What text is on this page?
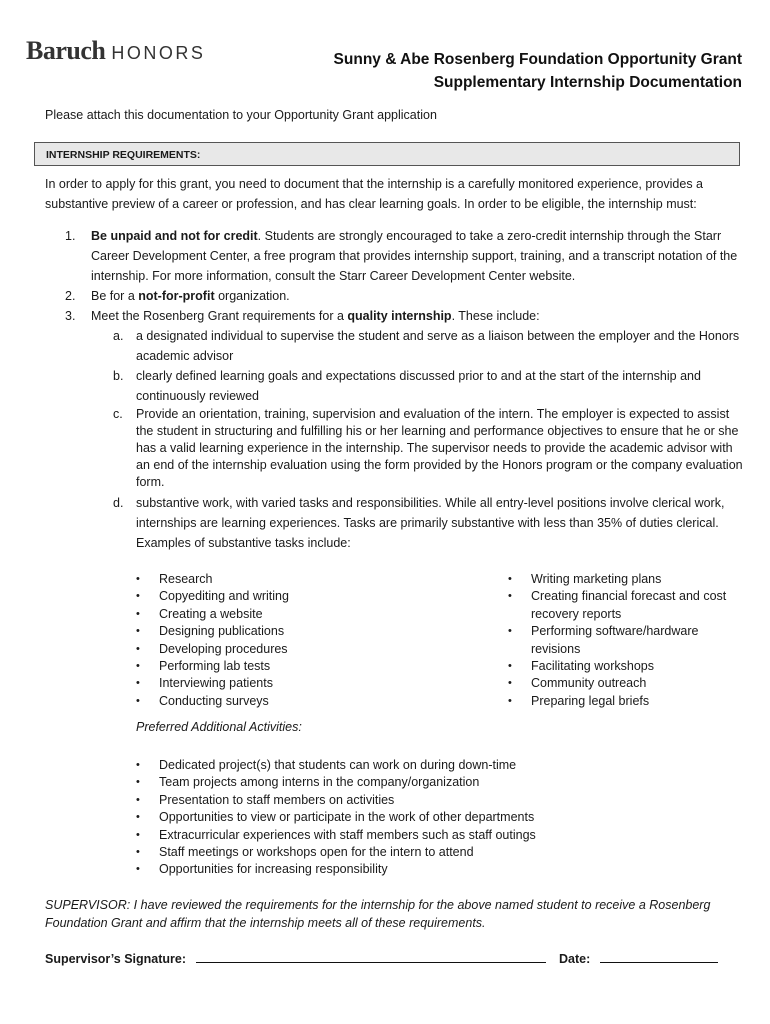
Baruch HONORS	Sunny & Abe Rosenberg Foundation Opportunity Grant
Supplementary Internship Documentation
Please attach this documentation to your Opportunity Grant application
INTERNSHIP REQUIREMENTS:
In order to apply for this grant, you need to document that the internship is a carefully monitored experience, provides a substantive preview of a career or profession, and has clear learning goals. In order to be eligible, the internship must:
1.	Be unpaid and not for credit. Students are strongly encouraged to take a zero-credit internship through the Starr Career Development Center, a free program that provides internship support, training, and a transcript notation of the internship. For more information, consult the Starr Career Development Center website.
2.	Be for a not-for-profit organization.
3.	Meet the Rosenberg Grant requirements for a quality internship. These include:
a.	a designated individual to supervise the student and serve as a liaison between the employer and the Honors academic advisor
b.	clearly defined learning goals and expectations discussed prior to and at the start of the internship and continuously reviewed
c.	Provide an orientation, training, supervision and evaluation of the intern. The employer is expected to assist the student in structuring and fulfilling his or her learning and performance objectives to ensure that he or she has a valid learning experience in the internship. The supervisor needs to provide the academic advisor with an end of the internship evaluation using the form provided by the Honors program or the company evaluation form.
d.	substantive work, with varied tasks and responsibilities. While all entry-level positions involve clerical work, internships are learning experiences. Tasks are primarily substantive with less than 35% of duties clerical. Examples of substantive tasks include:
• Research
• Copyediting and writing
• Creating a website
• Designing publications
• Developing procedures
• Performing lab tests
• Interviewing patients
• Conducting surveys
• Writing marketing plans
• Creating financial forecast and cost recovery reports
• Performing software/hardware revisions
• Facilitating workshops
• Community outreach
• Preparing legal briefs
Preferred Additional Activities:
• Dedicated project(s) that students can work on during down-time
• Team projects among interns in the company/organization
• Presentation to staff members on activities
• Opportunities to view or participate in the work of other departments
• Extracurricular experiences with staff members such as staff outings
• Staff meetings or workshops open for the intern to attend
• Opportunities for increasing responsibility
SUPERVISOR: I have reviewed the requirements for the internship for the above named student to receive a Rosenberg Foundation Grant and affirm that the internship meets all of these requirements.
Supervisor’s Signature:	Date:
